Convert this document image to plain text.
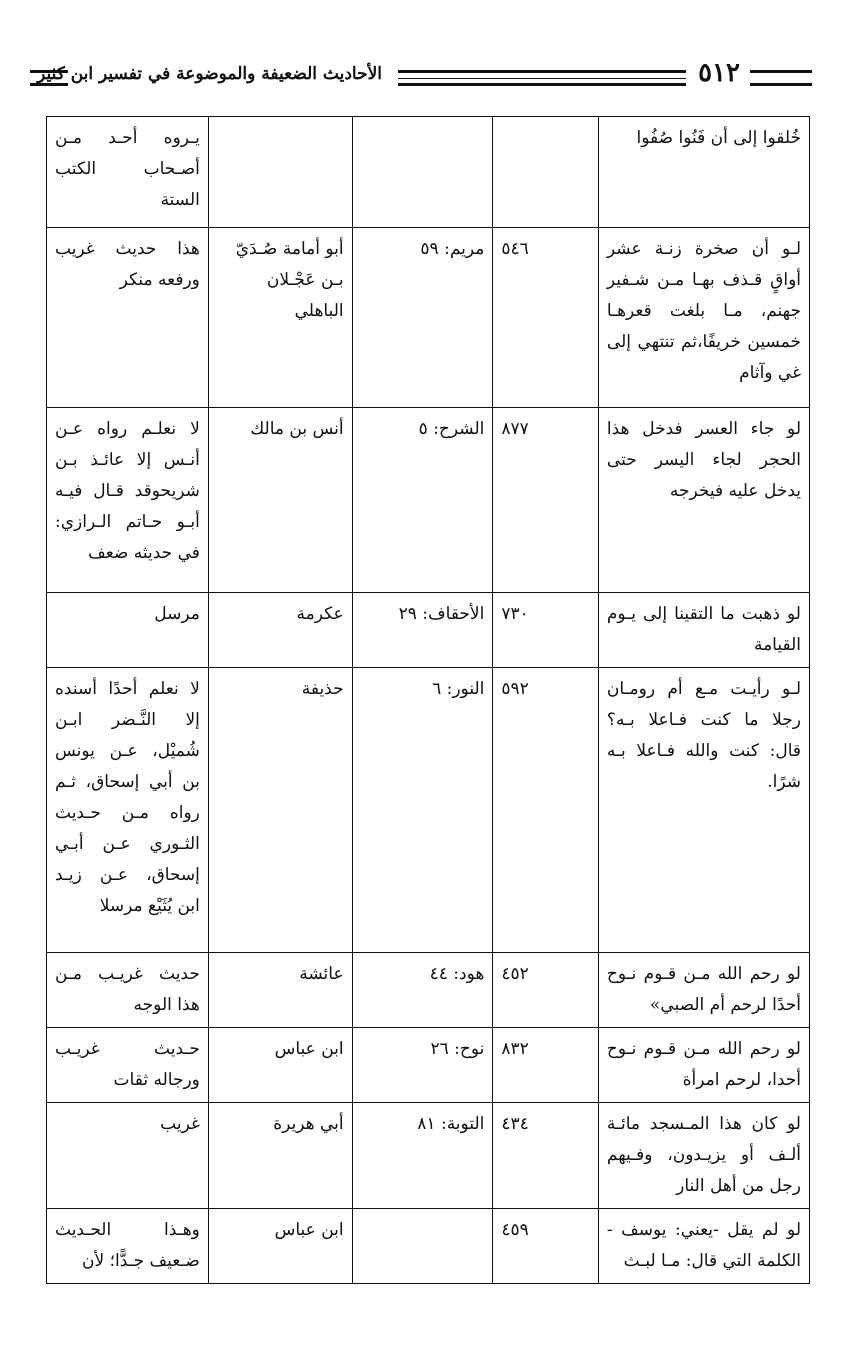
٥١٢
الأحاديث الضعيفة والموضوعة في تفسير ابن كثير
خُلقوا إلى أن فَنُوا صُفُوا				يـروه أحـد مـن أصـحاب الكتب الستة
لـو أن صخرة زنـة عشر أواقٍ قـذف بهـا مـن شـفير جهنم، مـا بلغت قعرهـا خمسين خريفًا،ثم تنتهي إلى غي وآثام	٥٤٦	مريم: ٥٩	أبو أمامة صُـدَيّ بـن عَجْـلان الباهلي	هذا حديث غريب ورفعه منكر
لو جاء العسر فدخل هذا الحجر لجاء اليسر حتى يدخل عليه فيخرجه	٨٧٧	الشرح: ٥	أنس بن مالك	لا نعلـم رواه عـن أنـس إلا عائـذ بـن شريحوقد قـال فيـه أبـو حـاتم الـرازي: في حديثه ضعف
لو ذهبت ما التقينا إلى يـوم القيامة	٧٣٠	الأحقاف: ٢٩	عكرمة	مرسل
لـو رأيـت مـع أم رومـان رجلا ما كنت فـاعلا بـه؟ قال: كنت والله فـاعلا بـه شرًا.	٥٩٢	النور: ٦	حذيفة	لا نعلم أحدًا أسنده إلا النَّـضر ابـن شُميْل، عـن يونس بن أبي إسحاق، ثـم رواه مـن حـديث الثـوري عـن أبـي إسحاق، عـن زيـد ابن يُثَيْع مرسلا
لو رحم الله مـن قـوم نـوح أحدًا لرحم أم الصبي»	٤٥٢	هود: ٤٤	عائشة	حديث غريـب مـن هذا الوجه
لو رحم الله مـن قـوم نـوح أحدا، لرحم امرأة	٨٣٢	نوح: ٢٦	ابن عباس	حـديث غريـب ورجاله ثقات
لو كان هذا المـسجد مائـة ألـف أو يزيـدون، وفـيهم رجل من أهل النار	٤٣٤	التوبة: ٨١	أبي هريرة	غريب
لو لم يقل -يعني: يوسف - الكلمة التي قال: مـا لبـث	٤٥٩		ابن عباس	وهـذا الحـديث ضـعيف جـدًّا؛ لأن
